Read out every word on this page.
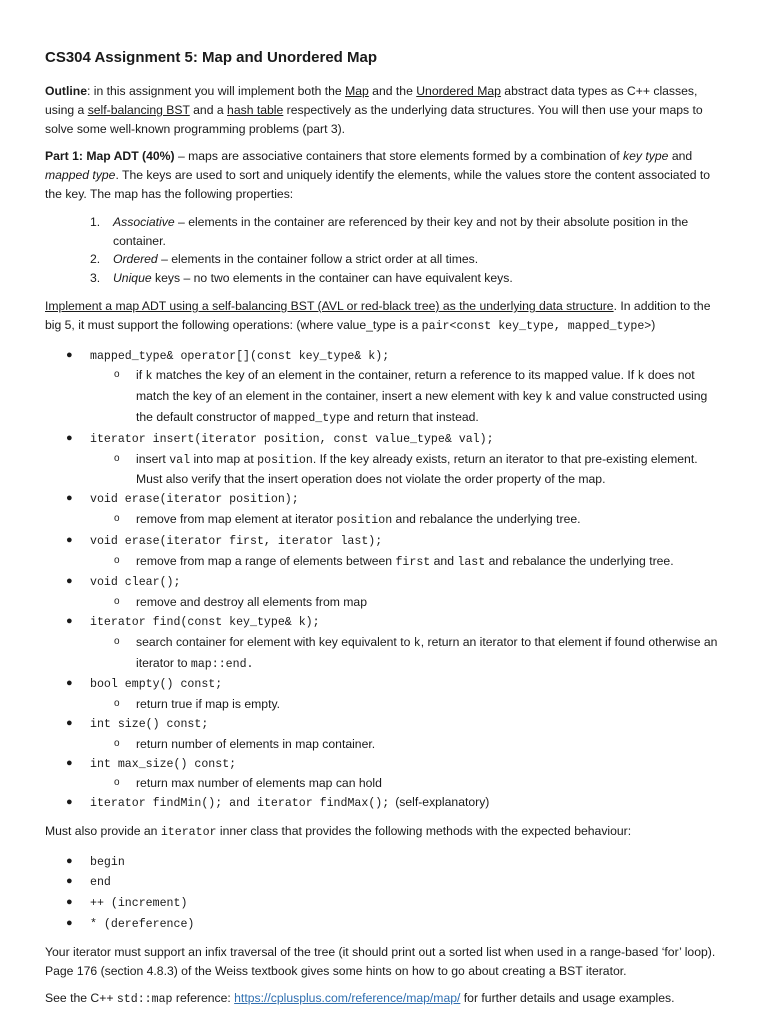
CS304 Assignment 5: Map and Unordered Map

Outline: in this assignment you will implement both the Map and the Unordered Map abstract data types as C++ classes, using a self-balancing BST and a hash table respectively as the underlying data structures. You will then use your maps to solve some well-known programming problems (part 3).

Part 1: Map ADT (40%) – maps are associative containers that store elements formed by a combination of key type and mapped type. The keys are used to sort and uniquely identify the elements, while the values store the content associated to the key. The map has the following properties:

1. Associative – elements in the container are referenced by their key and not by their absolute position in the container.
2. Ordered – elements in the container follow a strict order at all times.
3. Unique keys – no two elements in the container can have equivalent keys.

Implement a map ADT using a self-balancing BST (AVL or red-black tree) as the underlying data structure. In addition to the big 5, it must support the following operations: (where value_type is a pair<const key_type, mapped_type>)

● mapped_type& operator[](const key_type& k);
o if k matches the key of an element in the container, return a reference to its mapped value. If k does not match the key of an element in the container, insert a new element with key k and value constructed using the default constructor of mapped_type and return that instead.
● iterator insert(iterator position, const value_type& val);
o insert val into map at position. If the key already exists, return an iterator to that pre-existing element. Must also verify that the insert operation does not violate the order property of the map.
● void erase(iterator position);
o remove from map element at iterator position and rebalance the underlying tree.
● void erase(iterator first, iterator last);
o remove from map a range of elements between first and last and rebalance the underlying tree.
● void clear();
o remove and destroy all elements from map
● iterator find(const key_type& k);
o search container for element with key equivalent to k, return an iterator to that element if found otherwise an iterator to map::end.
● bool empty() const;
o return true if map is empty.
● int size() const;
o return number of elements in map container.
● int max_size() const;
o return max number of elements map can hold
● iterator findMin(); and iterator findMax(); (self-explanatory)

Must also provide an iterator inner class that provides the following methods with the expected behaviour:

● begin
● end
● ++ (increment)
● * (dereference)

Your iterator must support an infix traversal of the tree (it should print out a sorted list when used in a range-based ‘for’ loop). Page 176 (section 4.8.3) of the Weiss textbook gives some hints on how to go about creating a BST iterator.

See the C++ std::map reference: https://cplusplus.com/reference/map/map/ for further details and usage examples.
